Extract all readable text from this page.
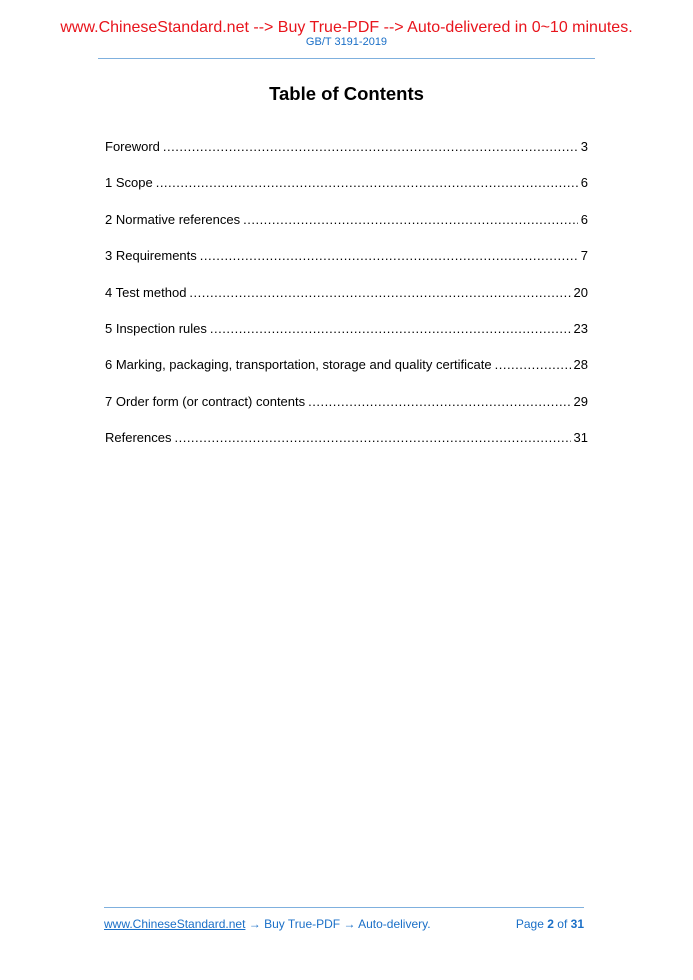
www.ChineseStandard.net --> Buy True-PDF --> Auto-delivered in 0~10 minutes.
GB/T 3191-2019
Table of Contents
Foreword .....	3
1 Scope .....	6
2 Normative references .....	6
3 Requirements .....	7
4 Test method .....	20
5 Inspection rules .....	23
6 Marking, packaging, transportation, storage and quality certificate .....	28
7 Order form (or contract) contents .....	29
References .....	31
www.ChineseStandard.net → Buy True-PDF → Auto-delivery.	Page 2 of 31
